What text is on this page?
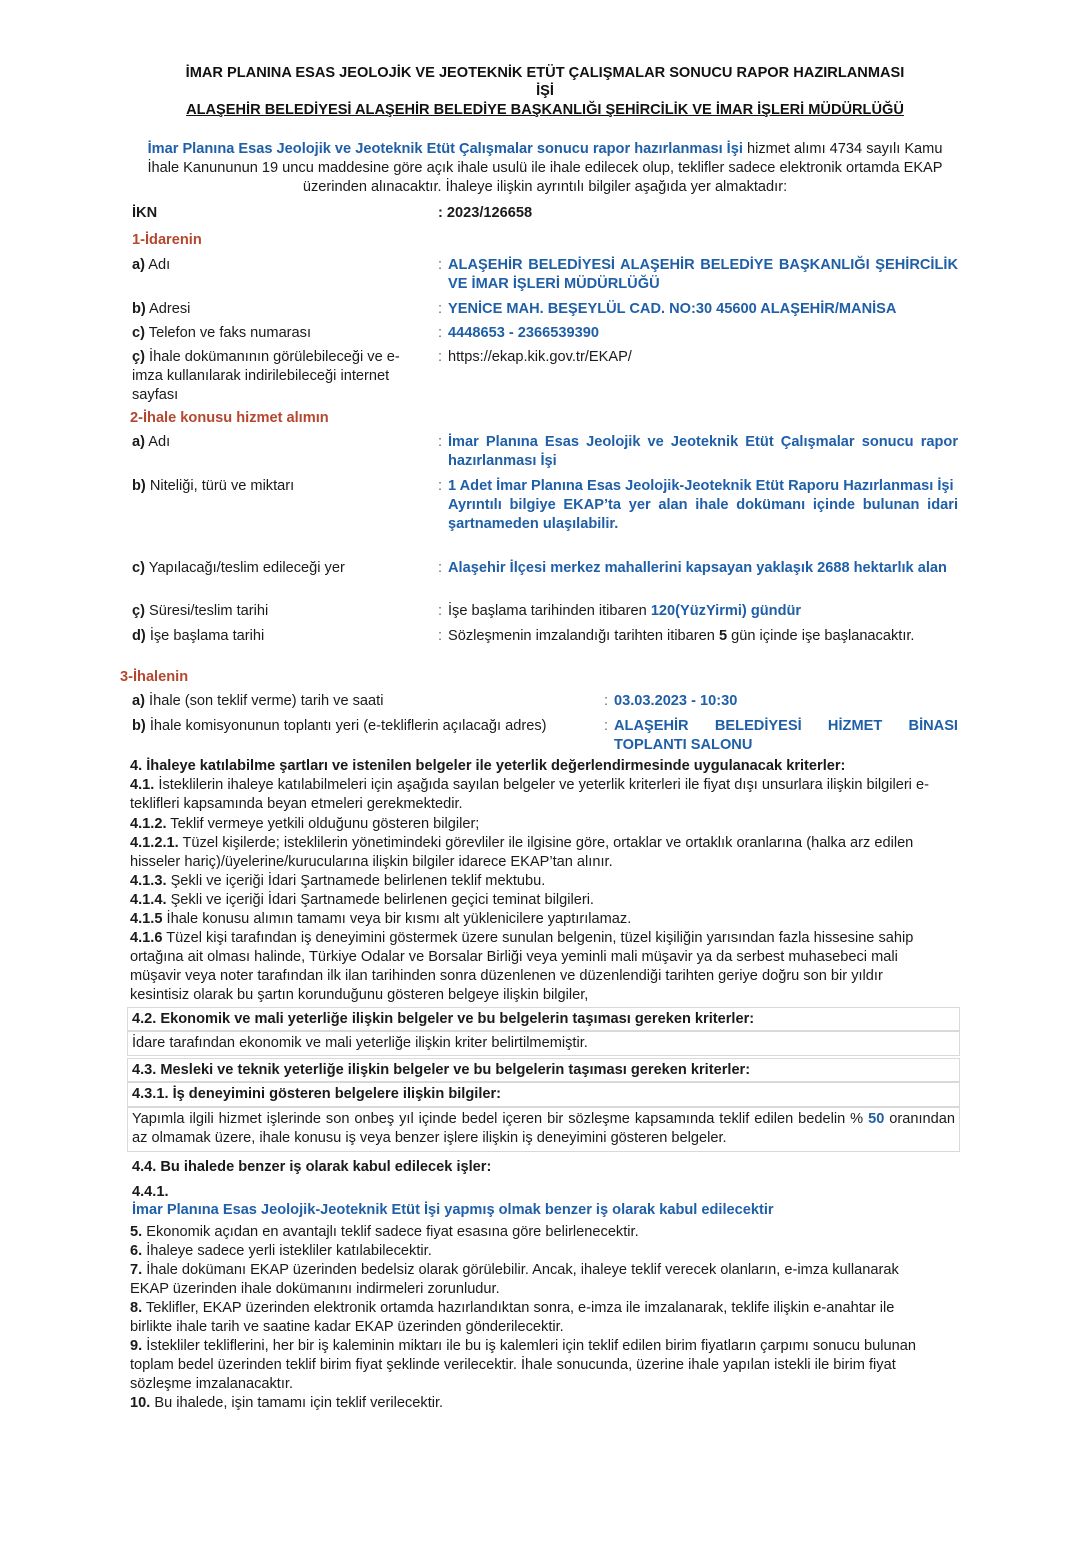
İMAR PLANINA ESAS JEOLOJİK VE JEOTEKNİK ETÜT ÇALIŞMALAR SONUCU RAPOR HAZIRLANMASI
İŞİ
ALAŞEHİR BELEDİYESİ ALAŞEHİR BELEDİYE BAŞKANLIĞI ŞEHİRCİLİK VE İMAR İŞLERİ MÜDÜRLÜĞÜ
İmar Planına Esas Jeolojik ve Jeoteknik Etüt Çalışmalar sonucu rapor hazırlanması İşi hizmet alımı 4734 sayılı Kamu İhale Kanununun 19 uncu maddesine göre açık ihale usulü ile ihale edilecek olup, teklifler sadece elektronik ortamda EKAP üzerinden alınacaktır. İhaleye ilişkin ayrıntılı bilgiler aşağıda yer almaktadır:
İKN	: 2023/126658
1-İdarenin
a) Adı	: ALAŞEHİR BELEDİYESİ ALAŞEHİR BELEDİYE BAŞKANLIĞI ŞEHİRCİLİK VE İMAR İŞLERİ MÜDÜRLÜĞÜ
b) Adresi	: YENİCE MAH. BEŞEYLÜL CAD. NO:30 45600 ALAŞEHİR/MANİSA
c) Telefon ve faks numarası	: 4448653 - 2366539390
ç) İhale dokümanının görülebileceği ve e-imza kullanılarak indirilebileceği internet sayfası
: https://ekap.kik.gov.tr/EKAP/
2-İhale konusu hizmet alımın
a) Adı	: İmar Planına Esas Jeolojik ve Jeoteknik Etüt Çalışmalar sonucu rapor hazırlanması İşi
b) Niteliği, türü ve miktarı	: 1 Adet İmar Planına Esas Jeolojik-Jeoteknik Etüt Raporu Hazırlanması İşi
Ayrıntılı bilgiye EKAP’ta yer alan ihale dokümanı içinde bulunan idari şartnameden ulaşılabilir.
c) Yapılacağı/teslim edileceği yer	: Alaşehir İlçesi merkez mahallerini kapsayan yaklaşık 2688 hektarlık alan
ç) Süresi/teslim tarihi	: İşe başlama tarihinden itibaren 120(YüzYirmi) gündür
d) İşe başlama tarihi	: Sözleşmenin imzalandığı tarihten itibaren 5 gün içinde işe başlanacaktır.
3-İhalenin
a) İhale (son teklif verme) tarih ve saati	: 03.03.2023 - 10:30
b) İhale komisyonunun toplantı yeri (e-tekliflerin açılacağı adres)	: ALAŞEHİR BELEDİYESİ HİZMET BİNASI TOPLANTI SALONU
4. İhaleye katılabilme şartları ve istenilen belgeler ile yeterlik değerlendirmesinde uygulanacak kriterler:
4.1. İsteklilerin ihaleye katılabilmeleri için aşağıda sayılan belgeler ve yeterlik kriterleri ile fiyat dışı unsurlara ilişkin bilgileri e-teklifleri kapsamında beyan etmeleri gerekmektedir.
4.1.2. Teklif vermeye yetkili olduğunu gösteren bilgiler;
4.1.2.1. Tüzel kişilerde; isteklilerin yönetimindeki görevliler ile ilgisine göre, ortaklar ve ortaklık oranlarına (halka arz edilen hisseler hariç)/üyelerine/kurucularına ilişkin bilgiler idarece EKAP’tan alınır.
4.1.3. Şekli ve içeriği İdari Şartnamede belirlenen teklif mektubu.
4.1.4. Şekli ve içeriği İdari Şartnamede belirlenen geçici teminat bilgileri.
4.1.5 İhale konusu alımın tamamı veya bir kısmı alt yüklenicilere yaptırılamaz.
4.1.6 Tüzel kişi tarafından iş deneyimini göstermek üzere sunulan belgenin, tüzel kişiliğin yarısından fazla hissesine sahip ortağına ait olması halinde, Türkiye Odalar ve Borsalar Birliği veya yeminli mali müşavir ya da serbest muhasebeci mali müşavir veya noter tarafından ilk ilan tarihinden sonra düzenlenen ve düzenlendiği tarihten geriye doğru son bir yıldır kesintisiz olarak bu şartın korunduğunu gösteren belgeye ilişkin bilgiler,
4.2. Ekonomik ve mali yeterliğe ilişkin belgeler ve bu belgelerin taşıması gereken kriterler:
İdare tarafından ekonomik ve mali yeterliğe ilişkin kriter belirtilmemiştir.
4.3. Mesleki ve teknik yeterliğe ilişkin belgeler ve bu belgelerin taşıması gereken kriterler:
4.3.1. İş deneyimini gösteren belgelere ilişkin bilgiler:
Yapımla ilgili hizmet işlerinde son onbeş yıl içinde bedel içeren bir sözleşme kapsamında teklif edilen bedelin % 50 oranından az olmamak üzere, ihale konusu iş veya benzer işlere ilişkin iş deneyimini gösteren belgeler.
4.4. Bu ihalede benzer iş olarak kabul edilecek işler:
4.4.1.
İmar Planına Esas Jeolojik-Jeoteknik Etüt İşi yapmış olmak benzer iş olarak kabul edilecektir
5. Ekonomik açıdan en avantajlı teklif sadece fiyat esasına göre belirlenecektir.
6. İhaleye sadece yerli istekliler katılabilecektir.
7. İhale dokümanı EKAP üzerinden bedelsiz olarak görülebilir. Ancak, ihaleye teklif verecek olanların, e-imza kullanarak EKAP üzerinden ihale dokümanını indirmeleri zorunludur.
8. Teklifler, EKAP üzerinden elektronik ortamda hazırlandıktan sonra, e-imza ile imzalanarak, teklife ilişkin e-anahtar ile birlikte ihale tarih ve saatine kadar EKAP üzerinden gönderilecektir.
9. İstekliler tekliflerini, her bir iş kaleminin miktarı ile bu iş kalemleri için teklif edilen birim fiyatların çarpımı sonucu bulunan toplam bedel üzerinden teklif birim fiyat şeklinde verilecektir. İhale sonucunda, üzerine ihale yapılan istekli ile birim fiyat sözleşme imzalanacaktır.
10. Bu ihalede, işin tamamı için teklif verilecektir.
